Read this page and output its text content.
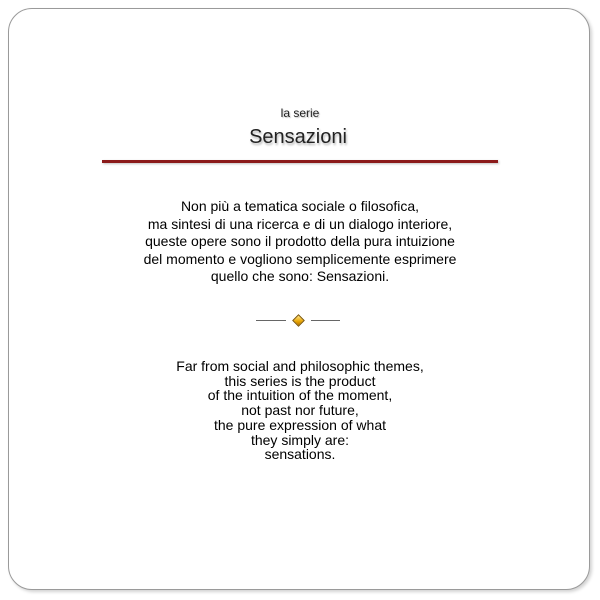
la serie
Sensazioni
Non più a tematica sociale o filosofica,
ma sintesi di una ricerca e di un dialogo interiore,
queste opere sono il prodotto della pura intuizione
del momento e vogliono semplicemente esprimere
quello che sono: Sensazioni.
Far from social and philosophic themes,
this series is the product
of the intuition of the moment,
not past nor future,
the pure expression of what
they simply are:
sensations.
